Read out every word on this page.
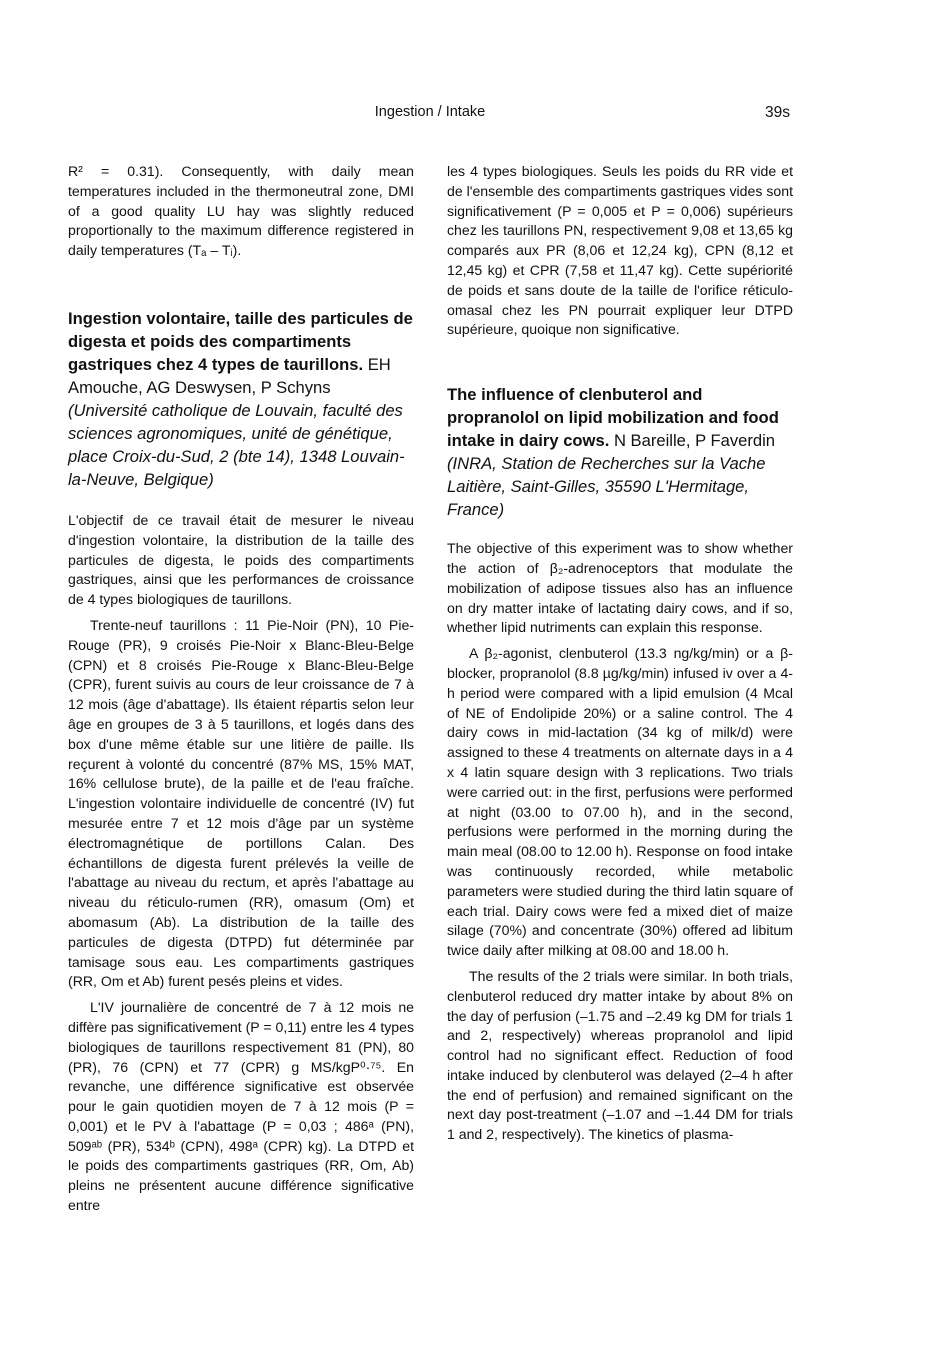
Ingestion / Intake	39s

R² = 0.31). Consequently, with daily mean temperatures included in the thermoneutral zone, DMI of a good quality LU hay was slightly reduced proportionally to the maximum difference registered in daily temperatures (Tₐ – Tᵢ).

Ingestion volontaire, taille des particules de digesta et poids des compartiments gastriques chez 4 types de taurillons. EH Amouche, AG Deswysen, P Schyns (Université catholique de Louvain, faculté des sciences agronomiques, unité de génétique, place Croix-du-Sud, 2 (bte 14), 1348 Louvain-la-Neuve, Belgique)

L'objectif de ce travail était de mesurer le niveau d'ingestion volontaire, la distribution de la taille des particules de digesta, le poids des compartiments gastriques, ainsi que les performances de croissance de 4 types biologiques de taurillons.

Trente-neuf taurillons : 11 Pie-Noir (PN), 10 Pie-Rouge (PR), 9 croisés Pie-Noir x Blanc-Bleu-Belge (CPN) et 8 croisés Pie-Rouge x Blanc-Bleu-Belge (CPR), furent suivis au cours de leur croissance de 7 à 12 mois (âge d'abattage). Ils étaient répartis selon leur âge en groupes de 3 à 5 taurillons, et logés dans des box d'une même étable sur une litière de paille. Ils reçurent à volonté du concentré (87% MS, 15% MAT, 16% cellulose brute), de la paille et de l'eau fraîche. L'ingestion volontaire individuelle de concentré (IV) fut mesurée entre 7 et 12 mois d'âge par un système électromagnétique de portillons Calan. Des échantillons de digesta furent prélevés la veille de l'abattage au niveau du rectum, et après l'abattage au niveau du réticulo-rumen (RR), omasum (Om) et abomasum (Ab). La distribution de la taille des particules de digesta (DTPD) fut déterminée par tamisage sous eau. Les compartiments gastriques (RR, Om et Ab) furent pesés pleins et vides.

L'IV journalière de concentré de 7 à 12 mois ne diffère pas significativement (P = 0,11) entre les 4 types biologiques de taurillons respectivement 81 (PN), 80 (PR), 76 (CPN) et 77 (CPR) g MS/kgP⁰·⁷⁵. En revanche, une différence significative est observée pour le gain quotidien moyen de 7 à 12 mois (P = 0,001) et le PV à l'abattage (P = 0,03 ; 486ᵃ (PN), 509ᵃᵇ (PR), 534ᵇ (CPN), 498ᵃ (CPR) kg). La DTPD et le poids des compartiments gastriques (RR, Om, Ab) pleins ne présentent aucune différence significative entre

les 4 types biologiques. Seuls les poids du RR vide et de l'ensemble des compartiments gastriques vides sont significativement (P = 0,005 et P = 0,006) supérieurs chez les taurillons PN, respectivement 9,08 et 13,65 kg comparés aux PR (8,06 et 12,24 kg), CPN (8,12 et 12,45 kg) et CPR (7,58 et 11,47 kg). Cette supériorité de poids et sans doute de la taille de l'orifice réticulo-omasal chez les PN pourrait expliquer leur DTPD supérieure, quoique non significative.

The influence of clenbuterol and propranolol on lipid mobilization and food intake in dairy cows. N Bareille, P Faverdin (INRA, Station de Recherches sur la Vache Laitière, Saint-Gilles, 35590 L'Hermitage, France)

The objective of this experiment was to show whether the action of β₂-adrenoceptors that modulate the mobilization of adipose tissues also has an influence on dry matter intake of lactating dairy cows, and if so, whether lipid nutriments can explain this response.

A β₂-agonist, clenbuterol (13.3 ng/kg/min) or a β-blocker, propranolol (8.8 µg/kg/min) infused iv over a 4-h period were compared with a lipid emulsion (4 Mcal of NE of Endolipide 20%) or a saline control. The 4 dairy cows in mid-lactation (34 kg of milk/d) were assigned to these 4 treatments on alternate days in a 4 x 4 latin square design with 3 replications. Two trials were carried out: in the first, perfusions were performed at night (03.00 to 07.00 h), and in the second, perfusions were performed in the morning during the main meal (08.00 to 12.00 h). Response on food intake was continuously recorded, while metabolic parameters were studied during the third latin square of each trial. Dairy cows were fed a mixed diet of maize silage (70%) and concentrate (30%) offered ad libitum twice daily after milking at 08.00 and 18.00 h.

The results of the 2 trials were similar. In both trials, clenbuterol reduced dry matter intake by about 8% on the day of perfusion (–1.75 and –2.49 kg DM for trials 1 and 2, respectively) whereas propranolol and lipid control had no significant effect. Reduction of food intake induced by clenbuterol was delayed (2–4 h after the end of perfusion) and remained significant on the next day post-treatment (–1.07 and –1.44 DM for trials 1 and 2, respectively). The kinetics of plasma-
